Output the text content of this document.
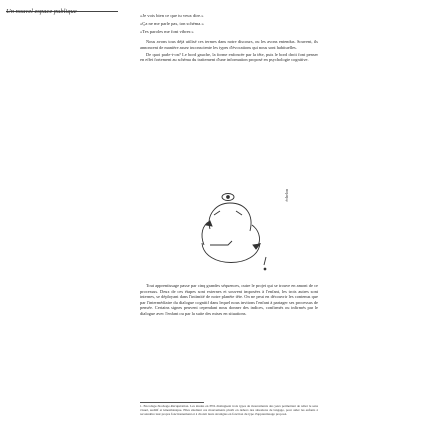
Un nouvel espace publique
«Je vois bien ce que tu veux dire.»
«Ça ne me parle pas, ton schéma.»
«Tes paroles me font vibrer.»

Nous avons tous déjà utilisé ces termes dans notre discours, ou les avons entendus. Souvent, ils annoncent de manière assez inconsciente les types d'évocations qui nous sont habituelles.

De quoi parle-t-on? Le bord gauche, la forme enfoncée par la tête, puis le bord droit font penser en effet fortement au schéma du traitement d'une information proposé en psychologie cognitive.

échelon

Tout apprentissage passe par cinq grandes séquences, outre le projet qui se trouve en amont de ce processus. Deux de ces étapes sont externes et souvent imposées à l'enfant, les trois autres sont internes, se déployant dans l'intimité de notre planète tête. On ne peut en découvrir les contenus que par l'intermédiaire du dialogue cognitif dans lequel nous invitons l'enfant à partager ses processus de pensée. Certains signes peuvent cependant nous donner des indices, confirmés ou infirmés par le dialogue avec l'enfant ou par la suite des mises en situations.

1. Encodage-Stockage-Récupération. Les études en PNL distinguent trois types de mouvements des yeux permettant de relier le sens visuel, auditif et kinesthésique. Elles étudient ces mouvements plutôt en dehors des situations de langage, pour aider les enfants à reconnaître leur propre fonctionnement et à choisir leurs stratégies en fonction du type d'apprentissage proposé.
